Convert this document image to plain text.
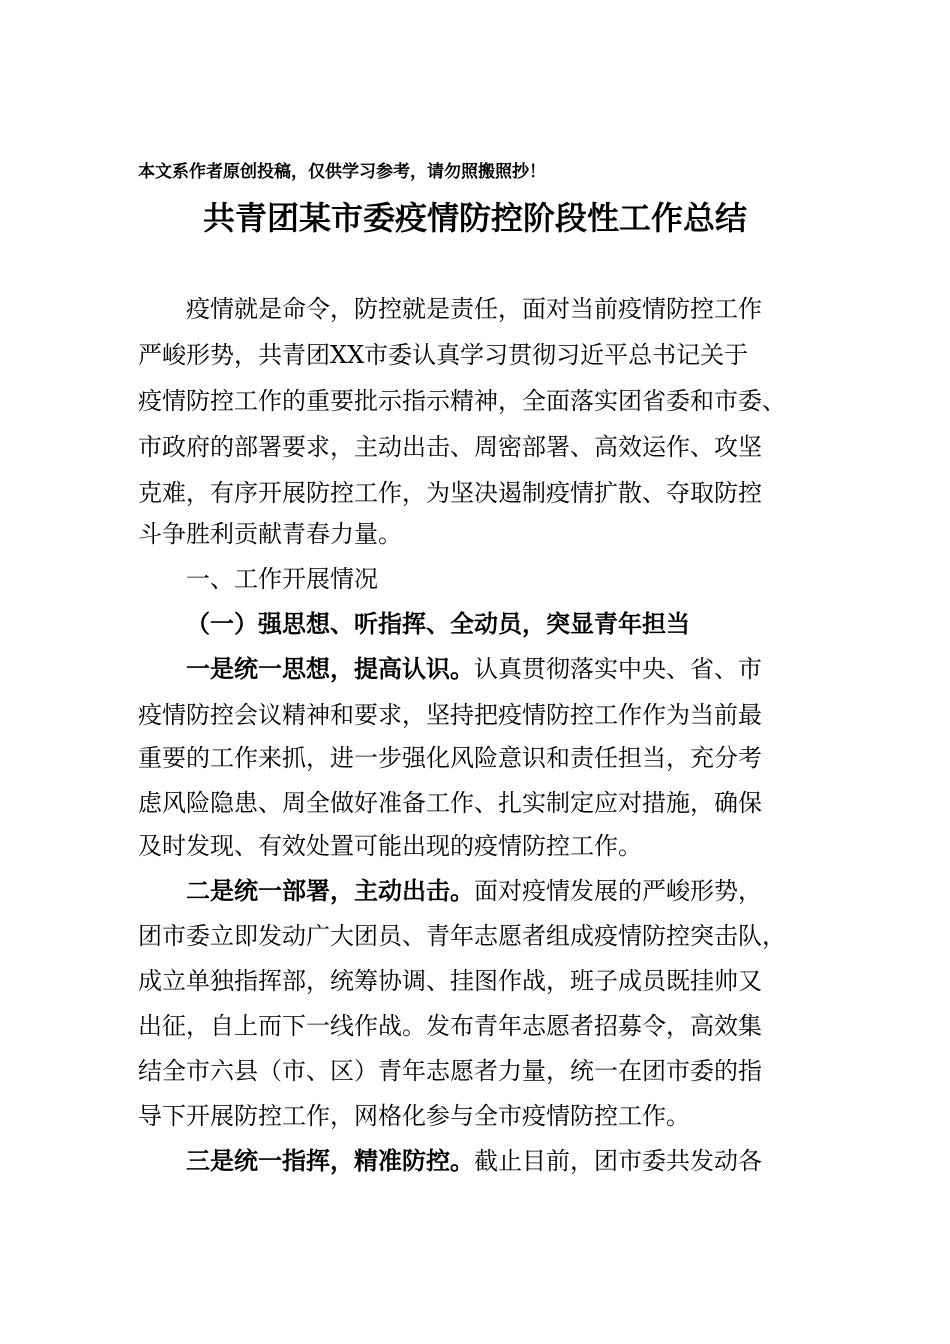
本文系作者原创投稿，仅供学习参考，请勿照搬照抄！
共青团某市委疫情防控阶段性工作总结
疫情就是命令，防控就是责任，面对当前疫情防控工作
严峻形势，共青团XX市委认真学习贯彻习近平总书记关于
疫情防控工作的重要批示指示精神，全面落实团省委和市委、
市政府的部署要求，主动出击、周密部署、高效运作、攻坚
克难，有序开展防控工作，为坚决遏制疫情扩散、夺取防控
斗争胜利贡献青春力量。
一、工作开展情况
（一）强思想、听指挥、全动员，突显青年担当
一是统一思想，提高认识。认真贯彻落实中央、省、市
疫情防控会议精神和要求，坚持把疫情防控工作作为当前最
重要的工作来抓，进一步强化风险意识和责任担当，充分考
虑风险隐患、周全做好准备工作、扎实制定应对措施，确保
及时发现、有效处置可能出现的疫情防控工作。
二是统一部署，主动出击。面对疫情发展的严峻形势，
团市委立即发动广大团员、青年志愿者组成疫情防控突击队，
成立单独指挥部，统筹协调、挂图作战，班子成员既挂帅又
出征，自上而下一线作战。发布青年志愿者招募令，高效集
结全市六县（市、区）青年志愿者力量，统一在团市委的指
导下开展防控工作，网格化参与全市疫情防控工作。
三是统一指挥，精准防控。截止目前，团市委共发动各
